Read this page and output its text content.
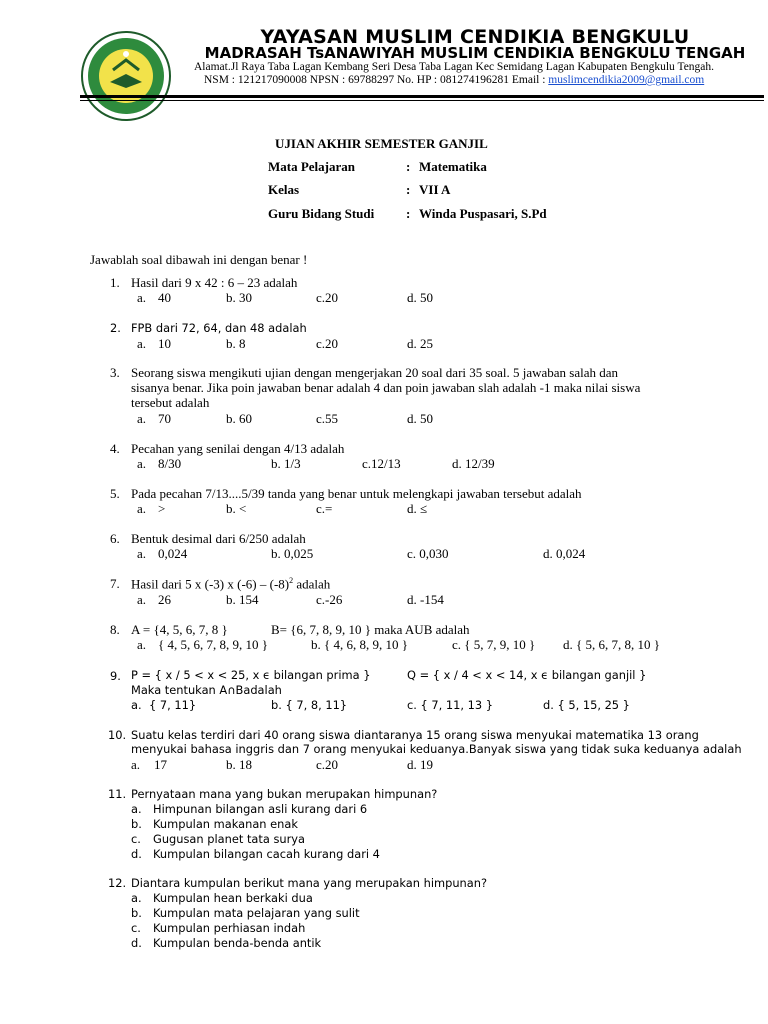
YAYASAN MUSLIM CENDIKIA BENGKULU
MADRASAH TsANAWIYAH MUSLIM CENDIKIA BENGKULU TENGAH
Alamat.Jl Raya Taba Lagan Kembang Seri Desa Taba Lagan Kec Semidang Lagan Kabupaten Bengkulu Tengah.
NSM : 121217090008 NPSN : 69788297 No. HP : 081274196281 Email : muslimcendikia2009@gmail.com
UJIAN AKHIR SEMESTER GANJIL
Mata Pelajaran	: Matematika
Kelas	: VII A
Guru Bidang Studi : Winda Puspasari, S.Pd
Jawablah soal dibawah ini dengan benar !
1. Hasil dari 9 x 42 : 6 – 23 adalah
a. 40	b. 30	c.20	d. 50
2. FPB dari 72, 64, dan 48 adalah
a. 10	b. 8	c.20	d. 25
3. Seorang siswa mengikuti ujian dengan mengerjakan 20 soal dari 35 soal. 5 jawaban salah dan
sisanya benar. Jika poin jawaban benar adalah 4 dan poin jawaban slah adalah -1 maka nilai siswa
tersebut adalah
a. 70	b. 60	c.55	d. 50
4. Pecahan yang senilai dengan 4/13 adalah
a. 8/30	b. 1/3	c.12/13	d. 12/39
5. Pada pecahan 7/13....5/39 tanda yang benar untuk melengkapi jawaban tersebut adalah
a. >	b. <	c.=	d. ≤
6. Bentuk desimal dari 6/250 adalah
a. 0,024	b. 0,025	c. 0,030	d. 0,024
7. Hasil dari 5 x (-3) x $(-6) - (-8)^2$ adalah
a. 26	b. 154	c.-26	d. -154
8. A = {4, 5, 6, 7, 8 }	B= {6, 7, 8, 9, 10 } maka AUB adalah
a. { 4, 5, 6, 7, 8, 9, 10 }	b. { 4, 6, 8, 9, 10 }	c. { 5, 7, 9, 10 } d. { 5, 6, 7, 8, 10 }
9. P = { x / 5 < x < 25, x ϵ bilangan prima }	Q = { x / 4 < x < 14, x ϵ bilangan ganjil }
Maka tentukan A∩Badalah
a. { 7, 11}	b. { 7, 8, 11}	c. { 7, 11, 13 }	d. { 5, 15, 25 }
10. Suatu kelas terdiri dari 40 orang siswa diantaranya 15 orang siswa menyukai matematika 13 orang
menyukai bahasa inggris dan 7 orang menyukai keduanya.Banyak siswa yang tidak suka keduanya adalah
a. 17	b. 18	c.20	d. 19
11. Pernyataan mana yang bukan merupakan himpunan?
a. Himpunan bilangan asli kurang dari 6
b. Kumpulan makanan enak
c. Gugusan planet tata surya
d. Kumpulan bilangan cacah kurang dari 4
12. Diantara kumpulan berikut mana yang merupakan himpunan?
a. Kumpulan hean berkaki dua
b. Kumpulan mata pelajaran yang sulit
c. Kumpulan perhiasan indah
d. Kumpulan benda-benda antik
